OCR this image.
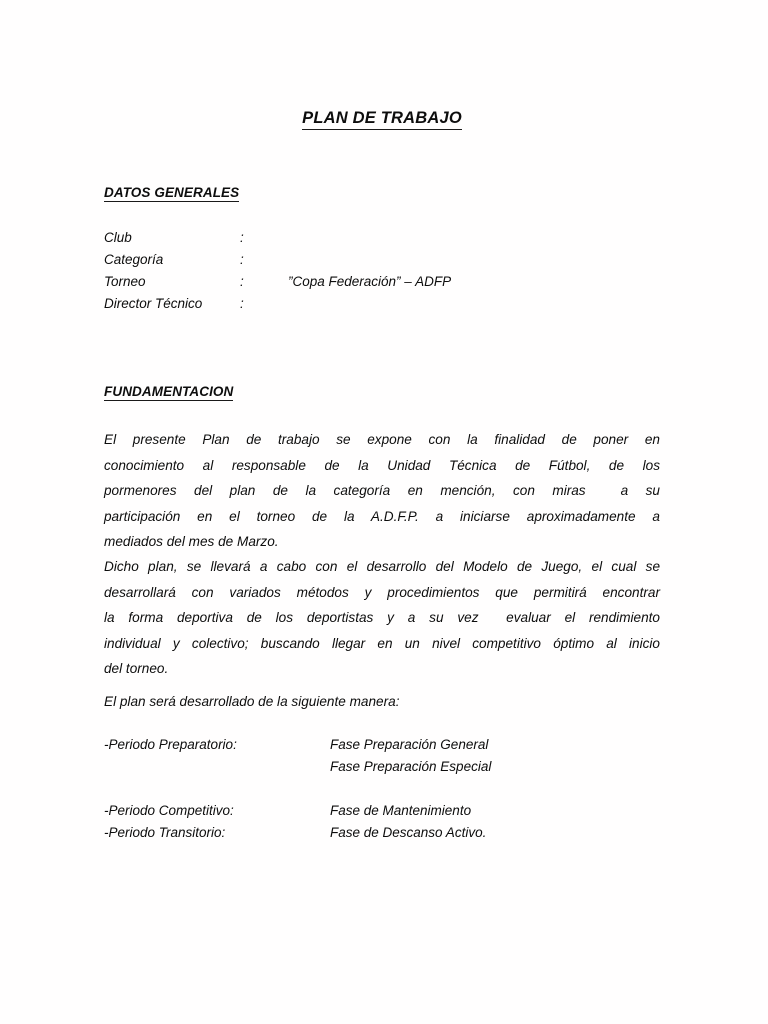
PLAN DE TRABAJO
DATOS GENERALES
Club	:
Categoría	:
Torneo	:	”Copa Federación” – ADFP
Director Técnico	:
FUNDAMENTACION

El presente Plan de trabajo se expone con la finalidad de poner en
conocimiento al responsable de la Unidad Técnica de Fútbol, de los
pormenores del plan de la categoría en mención, con miras  a su
participación en el torneo de la A.D.F.P. a iniciarse aproximadamente a
mediados del mes de Marzo.

Dicho plan, se llevará a cabo con el desarrollo del Modelo de Juego, el cual se
desarrollará con variados métodos y procedimientos que permitirá encontrar
la forma deportiva de los deportistas y a su vez  evaluar el rendimiento
individual y colectivo; buscando llegar en un nivel competitivo óptimo al inicio
del torneo.

El plan será desarrollado de la siguiente manera:

-Periodo Preparatorio:	Fase Preparación General
Fase Preparación Especial
-Periodo Competitivo:	Fase de Mantenimiento
-Periodo Transitorio:	Fase de Descanso Activo.
